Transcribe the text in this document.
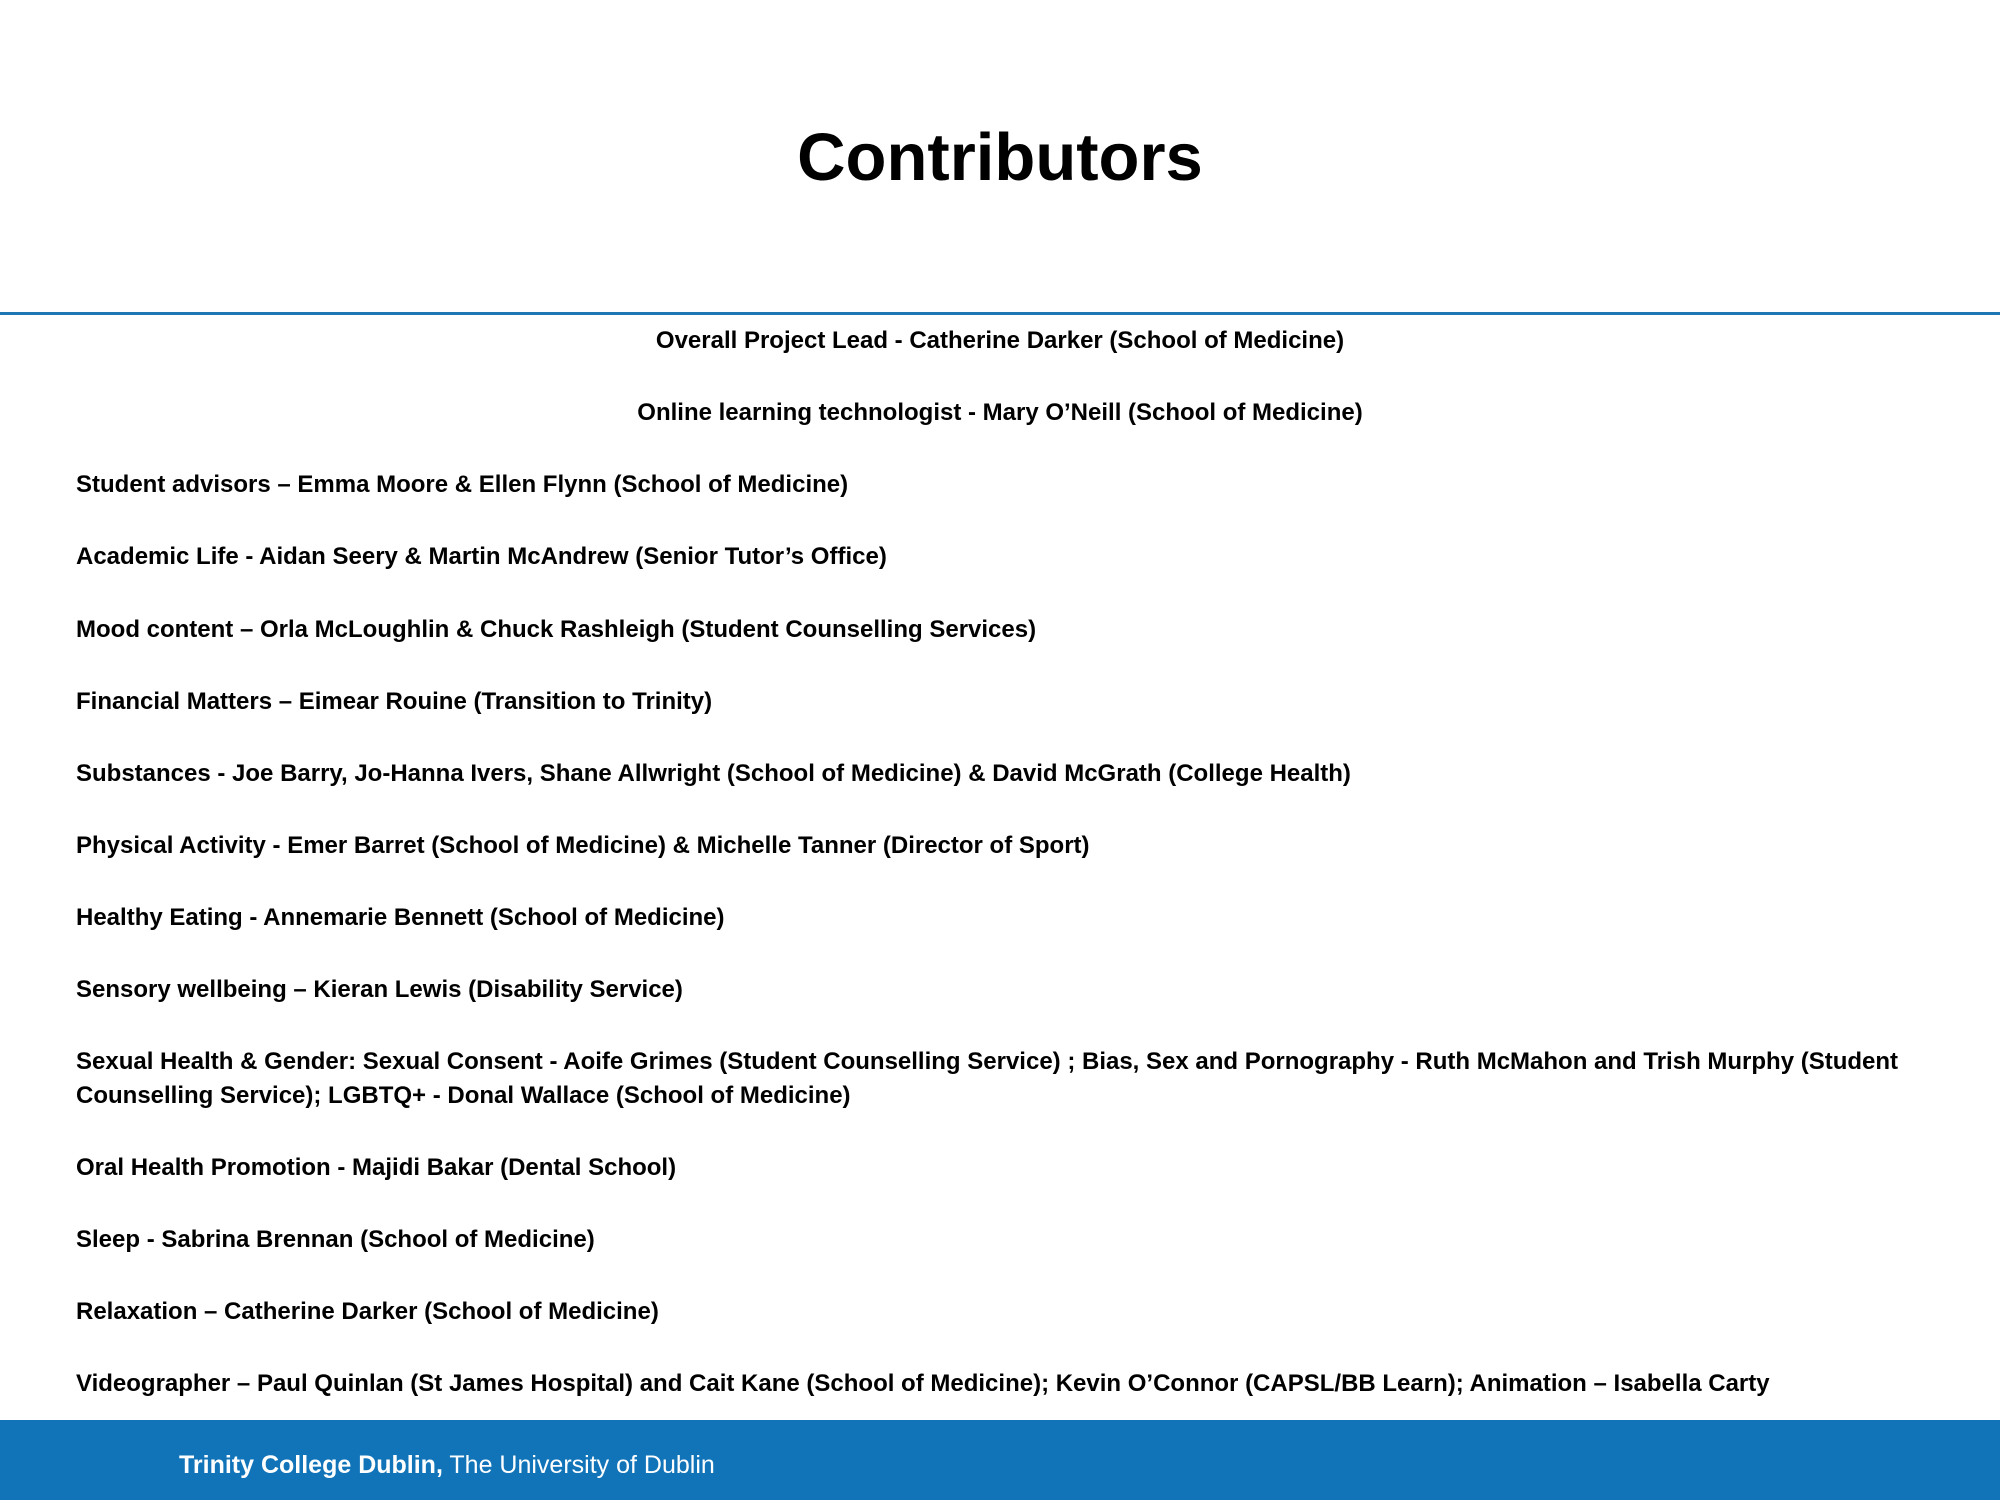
Contributors

Overall Project Lead - Catherine Darker (School of Medicine)

Online learning technologist - Mary O’Neill (School of Medicine)

Student advisors – Emma Moore & Ellen Flynn (School of Medicine)

Academic Life - Aidan Seery & Martin McAndrew (Senior Tutor’s Office)

Mood content – Orla McLoughlin & Chuck Rashleigh (Student Counselling Services)

Financial Matters – Eimear Rouine (Transition to Trinity)

Substances - Joe Barry, Jo-Hanna Ivers, Shane Allwright (School of Medicine) & David McGrath (College Health)

Physical Activity - Emer Barret (School of Medicine) & Michelle Tanner (Director of Sport)

Healthy Eating - Annemarie Bennett (School of Medicine)

Sensory wellbeing – Kieran Lewis (Disability Service)

Sexual Health & Gender: Sexual Consent - Aoife Grimes (Student Counselling Service) ; Bias, Sex and Pornography - Ruth McMahon and Trish Murphy (Student Counselling Service); LGBTQ+ - Donal Wallace (School of Medicine)

Oral Health Promotion - Majidi Bakar (Dental School)

Sleep - Sabrina Brennan (School of Medicine)

Relaxation – Catherine Darker (School of Medicine)

Videographer – Paul Quinlan (St James Hospital) and Cait Kane (School of Medicine); Kevin O’Connor (CAPSL/BB Learn); Animation – Isabella Carty

Trinity College Dublin, The University of Dublin
